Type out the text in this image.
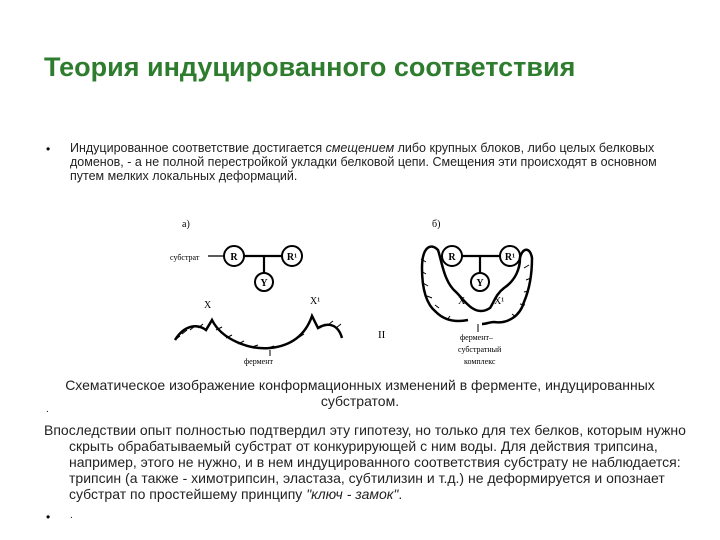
Теория индуцированного соответствия
• Индуцированное соответствие достигается смещением либо крупных блоков, либо целых белковых доменов, - а не полной перестройкой укладки белковой цепи. Смещения эти происходят в основном путем мелких локальных деформаций.
а)
субстрат	R	R¹
Y
X	X¹
фермент
II
б)
R	R¹
Y
X	X¹
фермент–
субстратный
комплекс
Схематическое изображение конформационных изменений в ферменте, индуцированных субстратом.
.
Впоследствии опыт полностью подтвердил эту гипотезу, но только для тех белков, которым нужно скрыть обрабатываемый субстрат от конкурирующей с ним воды. Для действия трипсина, например, этого не нужно, и в нем индуцированного соответствия субстрату не наблюдается: трипсин (а также - химотрипсин, эластаза, субтилизин и т.д.) не деформируется и опознает субстрат по простейшему принципу "ключ - замок".
• .
